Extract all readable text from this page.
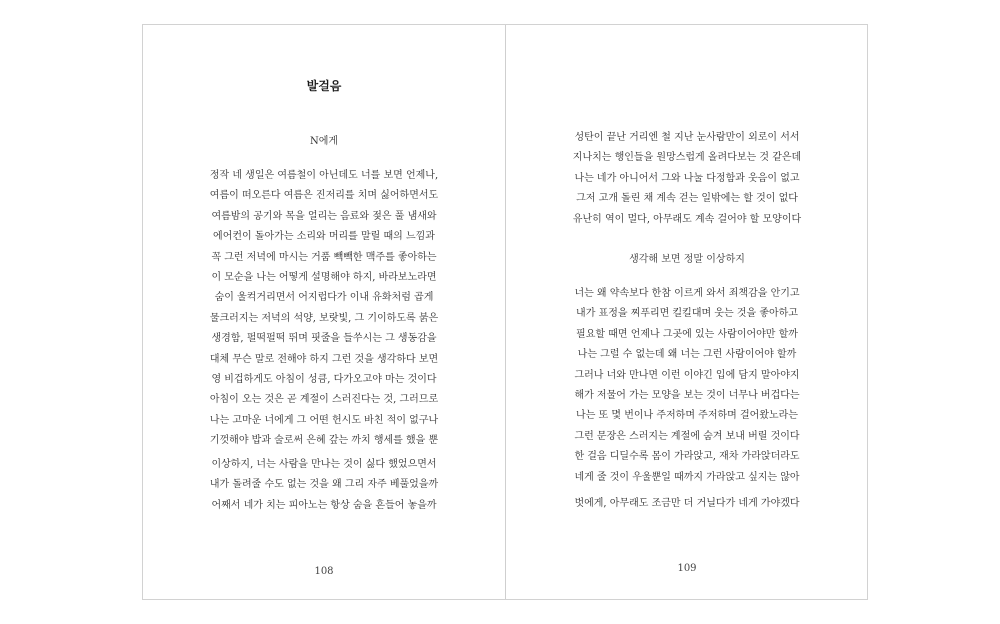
발걸음
N에게
정작 네 생일은 여름철이 아닌데도 너를 보면 언제나,
여름이 떠오른다 여름은 진저리를 치며 싫어하면서도
여름밤의 공기와 목을 얼리는 음료와 젖은 풀 냄새와
에어컨이 돌아가는 소리와 머리를 말릴 때의 느낌과
꼭 그런 저녁에 마시는 거품 빽빽한 맥주를 좋아하는
이 모순을 나는 어떻게 설명해야 하지, 바라보노라면
숨이 울컥거리면서 어지럽다가 이내 유화처럼 곱게
물크러지는 저녁의 석양, 보랏빛, 그 기이하도록 붉은
생경함, 펄떡펄떡 뛰며 핏줄을 들쑤시는 그 생동감을
대체 무슨 말로 전해야 하지 그런 것을 생각하다 보면
영 비겁하게도 아침이 성큼, 다가오고야 마는 것이다
아침이 오는 것은 곧 계절이 스러진다는 것, 그러므로
나는 고마운 너에게 그 어떤 헌시도 바친 적이 없구나
기껏해야 밥과 술로써 은혜 갚는 까치 행세를 했을 뿐
이상하지, 너는 사람을 만나는 것이 싫다 했었으면서
내가 돌려줄 수도 없는 것을 왜 그리 자주 베풀었을까
어째서 네가 치는 피아노는 항상 숨을 흔들어 놓을까
108
성탄이 끝난 거리엔 철 지난 눈사람만이 외로이 서서
지나치는 행인들을 원망스럽게 올려다보는 것 같은데
나는 네가 아니어서 그와 나눌 다정함과 웃음이 없고
그저 고개 돌린 채 계속 걷는 일밖에는 할 것이 없다
유난히 역이 멀다, 아무래도 계속 걸어야 할 모양이다
생각해 보면 정말 이상하지
너는 왜 약속보다 한참 이르게 와서 죄책감을 안기고
내가 표정을 찌푸리면 킬킬대며 웃는 것을 좋아하고
필요할 때면 언제나 그곳에 있는 사람이어야만 할까
나는 그럴 수 없는데 왜 너는 그런 사람이어야 할까
그러나 너와 만나면 이런 이야긴 입에 담지 말아야지
해가 저물어 가는 모양을 보는 것이 너무나 버겁다는
나는 또 몇 번이나 주저하며 주저하며 걸어왔노라는
그런 문장은 스러지는 계절에 숨겨 보내 버릴 것이다
한 걸음 디딜수록 몸이 가라앉고, 재차 가라앉더라도
네게 줄 것이 우울뿐일 때까지 가라앉고 싶지는 않아
벗에게, 아무래도 조금만 더 거닐다가 네게 가야겠다
109
